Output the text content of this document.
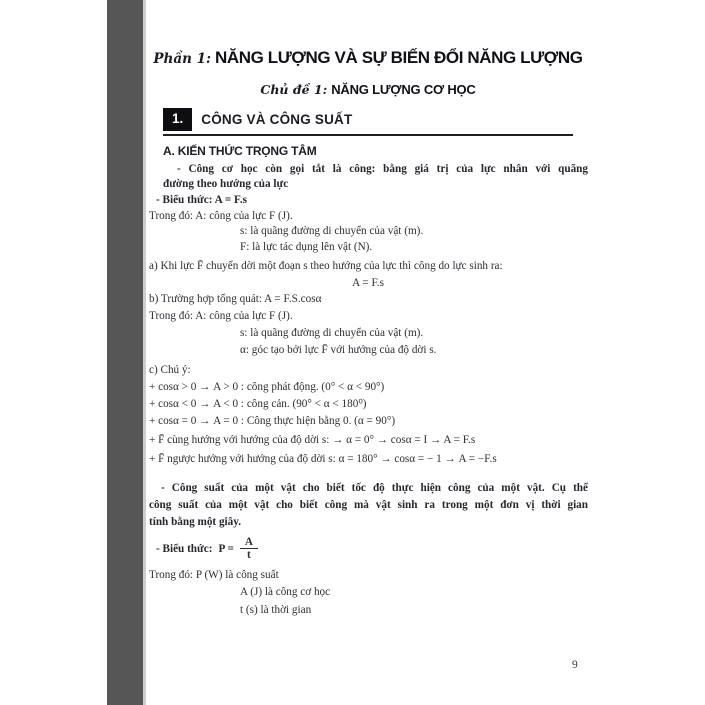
Phần 1: NĂNG LƯỢNG VÀ SỰ BIẾN ĐỔI NĂNG LƯỢNG
Chủ đề 1: NĂNG LƯỢNG CƠ HỌC
1.	CÔNG VÀ CÔNG SUẤT
A. KIẾN THỨC TRỌNG TÂM
- Công cơ học còn gọi tắt là công: bằng giá trị của lực nhân với quãng
đường theo hướng của lực
- Biểu thức: A = F.s
Trong đó: A: công của lực F (J).
s: là quãng đường di chuyển của vật (m).
F: là lực tác dụng lên vật (N).
a) Khi lực F̄ chuyển dời một đoạn s theo hướng của lực thì công do lực sinh ra:
A = F.s
b) Trường hợp tổng quát: A = F.S.cosα
Trong đó: A: công của lực F (J).
s: là quãng đường di chuyển của vật (m).
α: góc tạo bởi lực F̄ với hướng của độ dời s.
c) Chú ý:
+ cosα > 0 → A > 0 : công phát động. (0° < α < 90°)
+ cosα < 0 → A < 0 : công cản. (90° < α < 180⁰)
+ cosα = 0 → A = 0 : Công thực hiện bằng 0. (α = 90°)
+ F̄ cùng hướng với hướng của độ dời s: → α = 0° → cosα = I → A = F.s
+ F̄ ngược hướng với hướng của độ dời s: α = 180° → cosα = − 1 → A = −F.s
- Công suất của một vật cho biết tốc độ thực hiện công của một vật. Cụ thể
công suất của một vật cho biết công mà vật sinh ra trong một đơn vị thời gian
tính bằng một giây.
- Biểu thức: $P = \frac{A}{t}$
Trong đó: P (W) là công suất
A (J) là công cơ học
t (s) là thời gian
9
